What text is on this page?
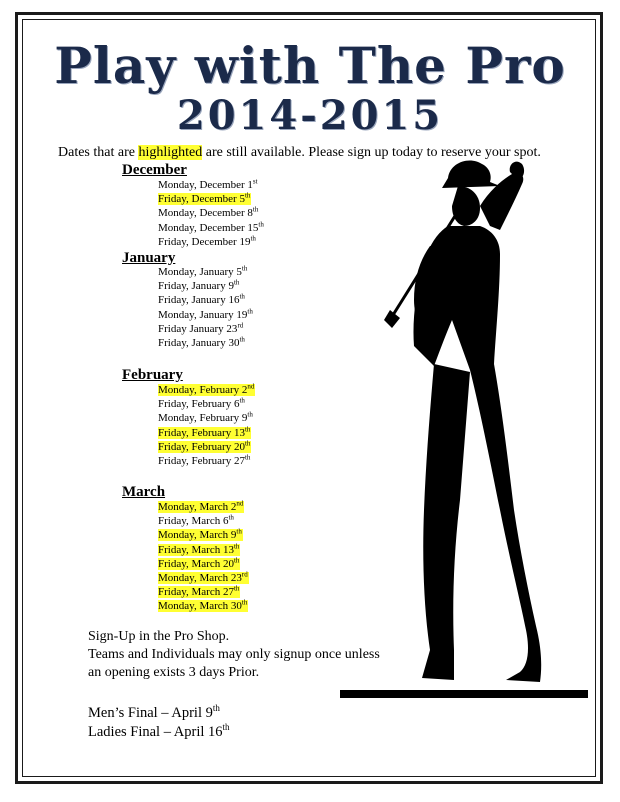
Play with The Pro
2014-2015
Dates that are highlighted are still available. Please sign up today to reserve your spot.
December
Monday, December 1st
Friday, December 5th
Monday, December 8th
Monday, December 15th
Friday, December 19th
January
Monday, January 5th
Friday, January 9th
Friday, January 16th
Monday, January 19th
Friday January 23rd
Friday, January 30th
February
Monday, February 2nd
Friday, February 6th
Monday, February 9th
Friday, February 13th
Friday, February 20th
Friday, February 27th
March
Monday, March 2nd
Friday, March 6th
Monday, March 9th
Friday, March 13th
Friday, March 20th
Monday, March 23rd
Friday, March 27th
Monday, March 30th
Sign-Up in the Pro Shop.
Teams and Individuals may only signup once unless
an opening exists 3 days Prior.
Men’s Final – April 9th
Ladies Final – April 16th
